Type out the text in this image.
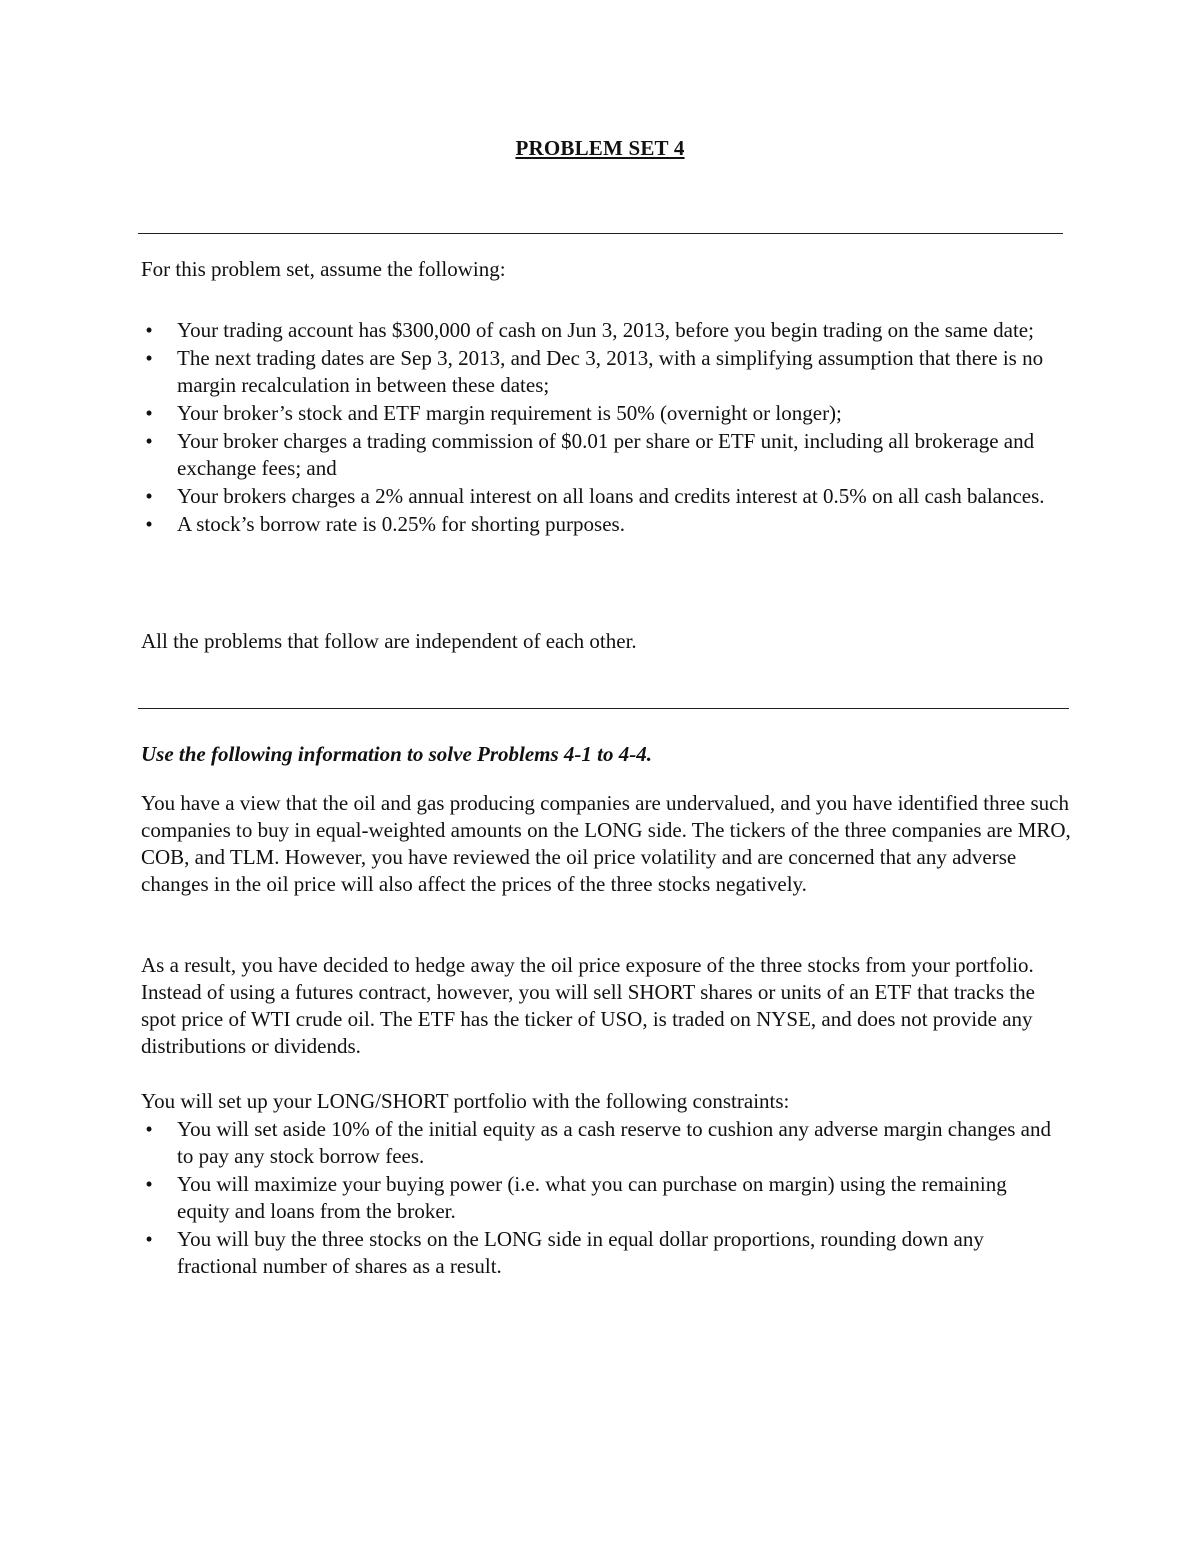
PROBLEM SET 4

For this problem set, assume the following:

• Your trading account has $300,000 of cash on Jun 3, 2013, before you begin trading on the same date;
• The next trading dates are Sep 3, 2013, and Dec 3, 2013, with a simplifying assumption that there is no margin recalculation in between these dates;
• Your broker’s stock and ETF margin requirement is 50% (overnight or longer);
• Your broker charges a trading commission of $0.01 per share or ETF unit, including all brokerage and exchange fees; and
• Your brokers charges a 2% annual interest on all loans and credits interest at 0.5% on all cash balances.
• A stock’s borrow rate is 0.25% for shorting purposes.

All the problems that follow are independent of each other.

Use the following information to solve Problems 4-1 to 4-4.

You have a view that the oil and gas producing companies are undervalued, and you have identified three such companies to buy in equal-weighted amounts on the LONG side. The tickers of the three companies are MRO, COB, and TLM. However, you have reviewed the oil price volatility and are concerned that any adverse changes in the oil price will also affect the prices of the three stocks negatively.

As a result, you have decided to hedge away the oil price exposure of the three stocks from your portfolio. Instead of using a futures contract, however, you will sell SHORT shares or units of an ETF that tracks the spot price of WTI crude oil. The ETF has the ticker of USO, is traded on NYSE, and does not provide any distributions or dividends.

You will set up your LONG/SHORT portfolio with the following constraints:

• You will set aside 10% of the initial equity as a cash reserve to cushion any adverse margin changes and to pay any stock borrow fees.
• You will maximize your buying power (i.e. what you can purchase on margin) using the remaining equity and loans from the broker.
• You will buy the three stocks on the LONG side in equal dollar proportions, rounding down any fractional number of shares as a result.
